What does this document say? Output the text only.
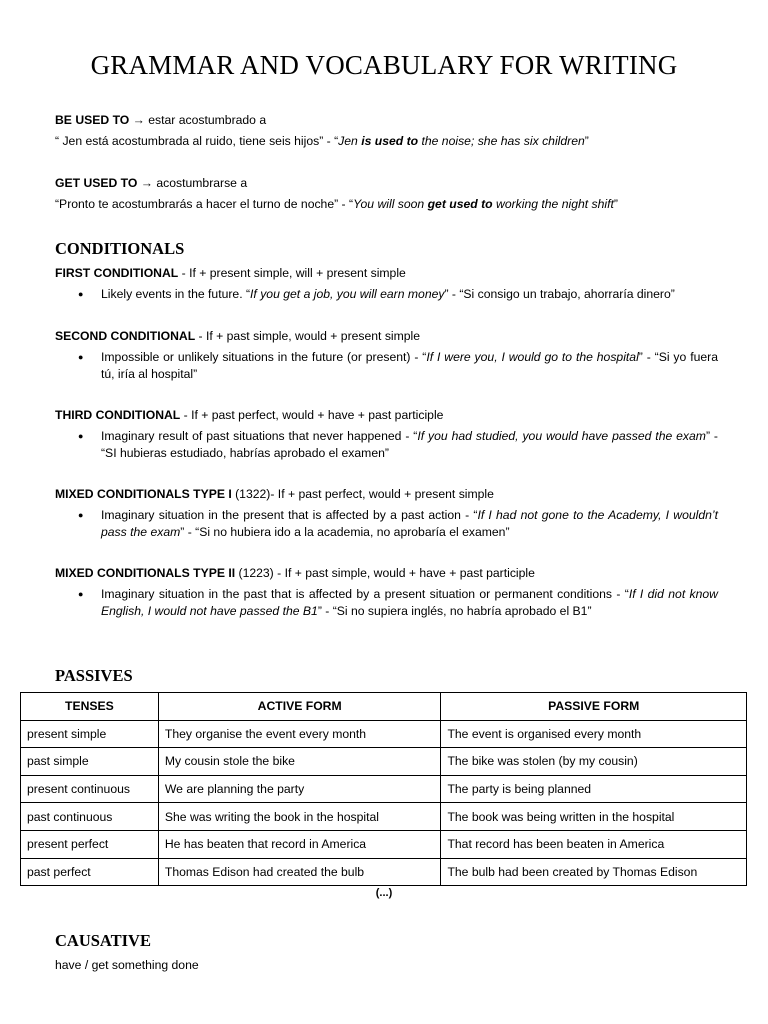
GRAMMAR AND VOCABULARY FOR WRITING
BE USED TO → estar acostumbrado a
“ Jen está acostumbrada al ruido, tiene seis hijos” - “Jen is used to the noise; she has six children”
GET USED TO → acostumbrarse a
“Pronto te acostumbrarás a hacer el turno de noche” - “You will soon get used to working the night shift”
CONDITIONALS
FIRST CONDITIONAL - If + present simple, will + present simple
●	Likely events in the future. “If you get a job, you will earn money” - “Si consigo un trabajo, ahorraría dinero”
SECOND CONDITIONAL - If + past simple, would + present simple
●	Impossible or unlikely situations in the future (or present) - “If I were you, I would go to the hospital” - “Si yo fuera tú, iría al hospital”
THIRD CONDITIONAL - If + past perfect, would + have + past participle
●	Imaginary result of past situations that never happened - “If you had studied, you would have passed the exam” - “SI hubieras estudiado, habrías aprobado el examen”
MIXED CONDITIONALS TYPE I (1322)- If + past perfect, would + present simple
●	Imaginary situation in the present that is affected by a past action - “If I had not gone to the Academy, I wouldn’t pass the exam” - “Si no hubiera ido a la academia, no aprobaría el examen”
MIXED CONDITIONALS TYPE II (1223) - If + past simple, would + have + past participle
●	Imaginary situation in the past that is affected by a present situation or permanent conditions - “If I did not know English, I would not have passed the B1” - “Si no supiera inglés, no habría aprobado el B1”
PASSIVES
TENSES	ACTIVE FORM	PASSIVE FORM
present simple	They organise the event every month	The event is organised every month
past simple	My cousin stole the bike	The bike was stolen (by my cousin)
present continuous	We are planning the party	The party is being planned
past continuous	She was writing the book in the hospital	The book was being written in the hospital
present perfect	He has beaten that record in America	That record has been beaten in America
past perfect	Thomas Edison had created the bulb	The bulb had been created by Thomas Edison
(...)
CAUSATIVE
have / get something done
